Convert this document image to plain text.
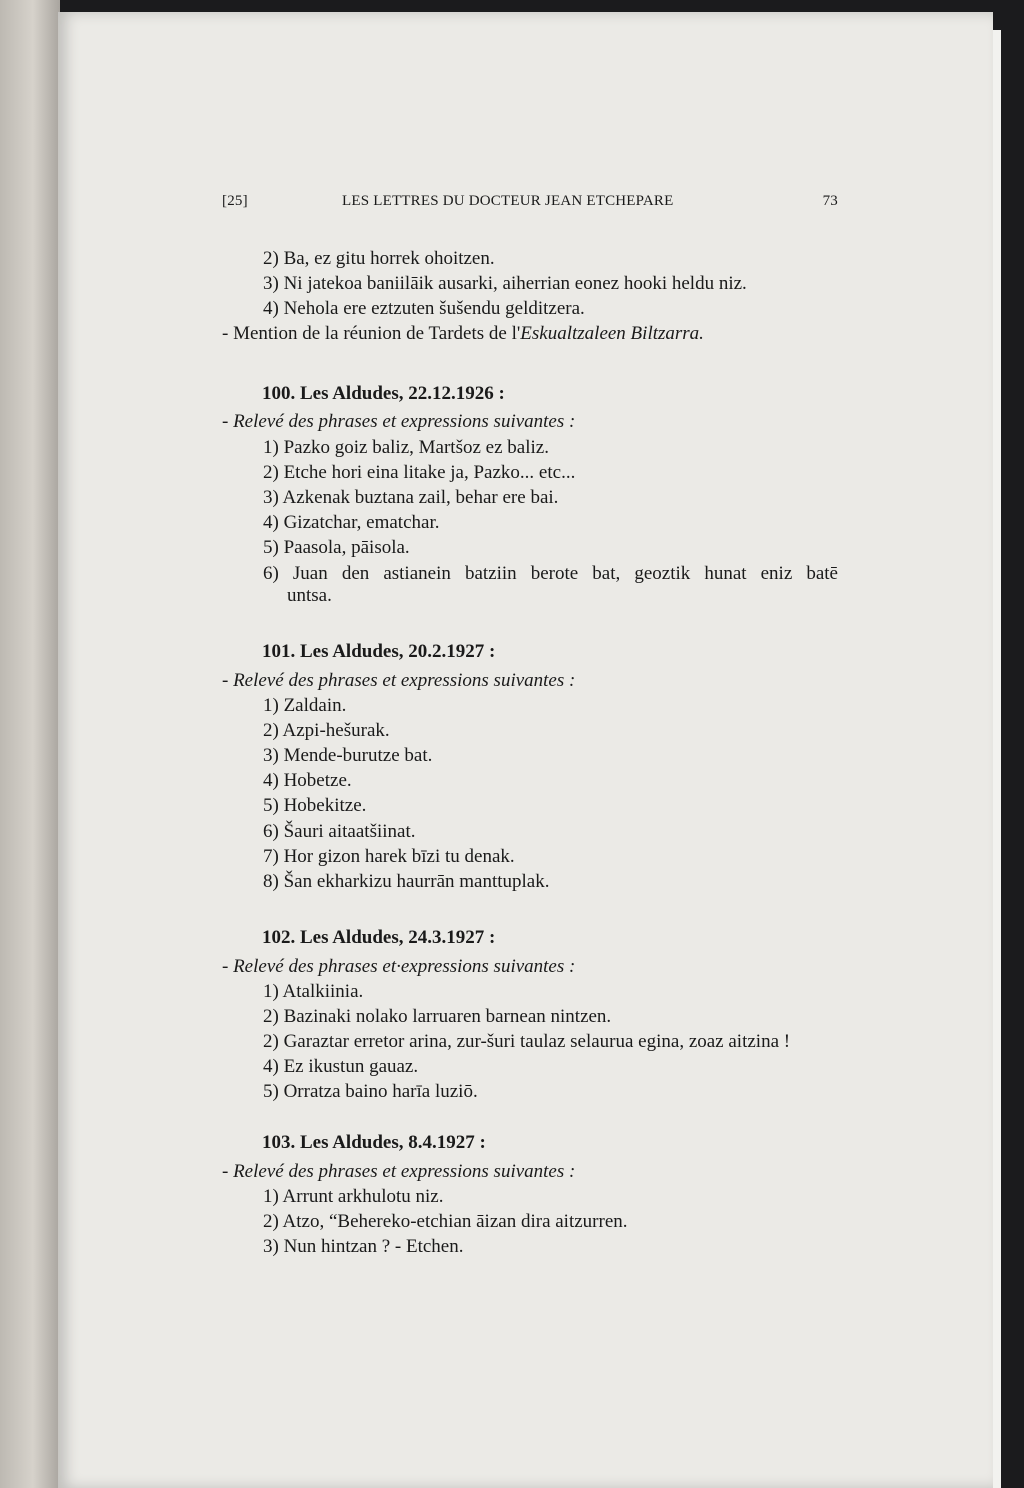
[25]	LES LETTRES DU DOCTEUR JEAN ETCHEPARE	73
2) Ba, ez gitu horrek ohoitzen.
3) Ni jatekoa baniilāik ausarki, aiherrian eonez hooki heldu niz.
4) Nehola ere eztzuten šušendu gelditzera.
- Mention de la réunion de Tardets de l'Eskualtzaleen Biltzarra.
100. Les Aldudes, 22.12.1926 :
- Relevé des phrases et expressions suivantes :
1) Pazko goiz baliz, Martšoz ez baliz.
2) Etche hori eina litake ja, Pazko... etc...
3) Azkenak buztana zail, behar ere bai.
4) Gizatchar, ematchar.
5) Paasola, pāisola.
6) Juan den astianein batziin berote bat, geoztik hunat eniz batē
untsa.
101. Les Aldudes, 20.2.1927 :
- Relevé des phrases et expressions suivantes :
1) Zaldain.
2) Azpi-hešurak.
3) Mende-burutze bat.
4) Hobetze.
5) Hobekitze.
6) Šauri aitaatšiinat.
7) Hor gizon harek bīzi tu denak.
8) Šan ekharkizu haurrān manttuplak.
102. Les Aldudes, 24.3.1927 :
- Relevé des phrases et·expressions suivantes :
1) Atalkiinia.
2) Bazinaki nolako larruaren barnean nintzen.
2) Garaztar erretor arina, zur-šuri taulaz selaurua egina, zoaz aitzina !
4) Ez ikustun gauaz.
5) Orratza baino harīa luziō.
103. Les Aldudes, 8.4.1927 :
- Relevé des phrases et expressions suivantes :
1) Arrunt arkhulotu niz.
2) Atzo, “Behereko-etchian āizan dira aitzurren.
3) Nun hintzan ? - Etchen.
